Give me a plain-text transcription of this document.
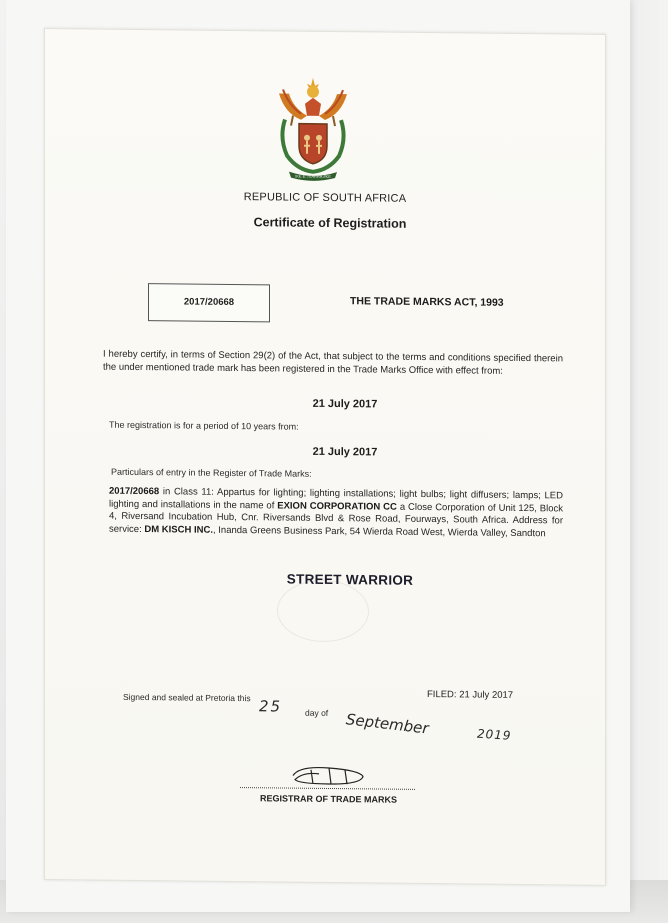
!KE E: /XARRA //KE
REPUBLIC OF SOUTH AFRICA
Certificate of Registration
2017/20668	THE TRADE MARKS ACT, 1993
I hereby certify, in terms of Section 29(2) of the Act, that subject to the terms and conditions specified therein the under mentioned trade mark has been registered in the Trade Marks Office with effect from:
21 July 2017
The registration is for a period of 10 years from:
21 July 2017
Particulars of entry in the Register of Trade Marks:
2017/20668 in Class 11: Appartus for lighting; lighting installations; light bulbs; light diffusers; lamps; LED lighting and installations in the name of EXION CORPORATION CC a Close Corporation of Unit 125, Block 4, Riversand Incubation Hub, Cnr. Riversands Blvd & Rose Road, Fourways, South Africa. Address for service: DM KISCH INC., Inanda Greens Business Park, 54 Wierda Road West, Wierda Valley, Sandton
STREET WARRIOR
FILED: 21 July 2017
Signed and sealed at Pretoria this 25	day of September	2019
REGISTRAR OF TRADE MARKS
